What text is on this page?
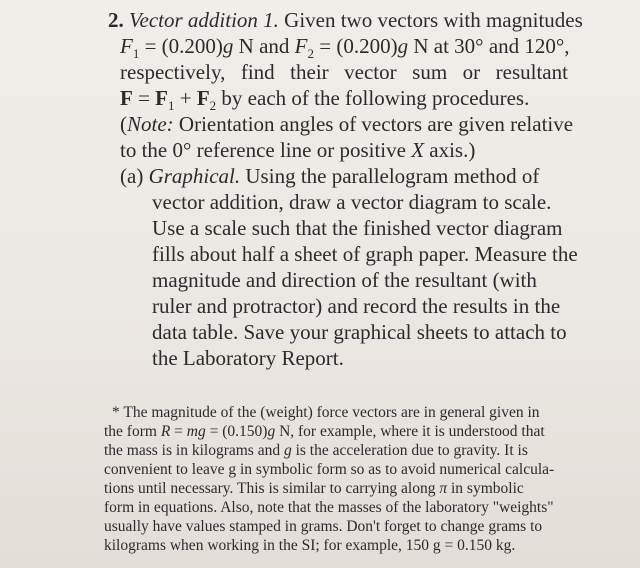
2. Vector addition 1. Given two vectors with magnitudes
$F_1 = (0.200)g$ N and $F_2 = (0.200)g$ N at 30° and 120°,
respectively, find their vector sum or resultant
$F = F_1 + F_2$ by each of the following procedures.
(Note: Orientation angles of vectors are given relative
to the 0° reference line or positive X axis.)
(a) Graphical. Using the parallelogram method of
vector addition, draw a vector diagram to scale.
Use a scale such that the finished vector diagram
fills about half a sheet of graph paper. Measure the
magnitude and direction of the resultant (with
ruler and protractor) and record the results in the
data table. Save your graphical sheets to attach to
the Laboratory Report.
* The magnitude of the (weight) force vectors are in general given in
the form R = mg = (0.150)g N, for example, where it is understood that
the mass is in kilograms and g is the acceleration due to gravity. It is
convenient to leave g in symbolic form so as to avoid numerical calcula-
tions until necessary. This is similar to carrying along π in symbolic
form in equations. Also, note that the masses of the laboratory "weights"
usually have values stamped in grams. Don't forget to change grams to
kilograms when working in the SI; for example, 150 g = 0.150 kg.
